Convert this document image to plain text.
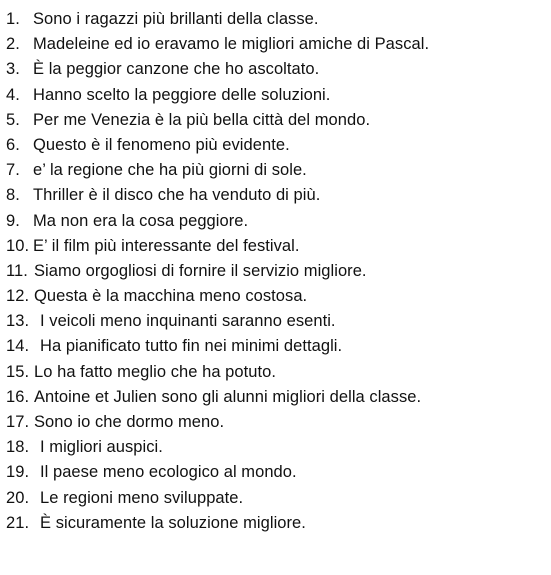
1. Sono i ragazzi più brillanti della classe.
2. Madeleine ed io eravamo le migliori amiche di Pascal.
3. È la peggior canzone che ho ascoltato.
4. Hanno scelto la peggiore delle soluzioni.
5. Per me Venezia è la più bella città del mondo.
6. Questo è il fenomeno più evidente.
7. e’ la regione che ha più giorni di sole.
8. Thriller è il disco che ha venduto di più.
9. Ma non era la cosa peggiore.
10. E’ il film più interessante del festival.
11. Siamo orgogliosi di fornire il servizio migliore.
12. Questa è la macchina meno costosa.
13. I veicoli meno inquinanti saranno esenti.
14. Ha pianificato tutto fin nei minimi dettagli.
15. Lo ha fatto meglio che ha potuto.
16. Antoine et Julien sono gli alunni migliori della classe.
17. Sono io che dormo meno.
18. I migliori auspici.
19. Il paese meno ecologico al mondo.
20. Le regioni meno sviluppate.
21. È sicuramente la soluzione migliore.
